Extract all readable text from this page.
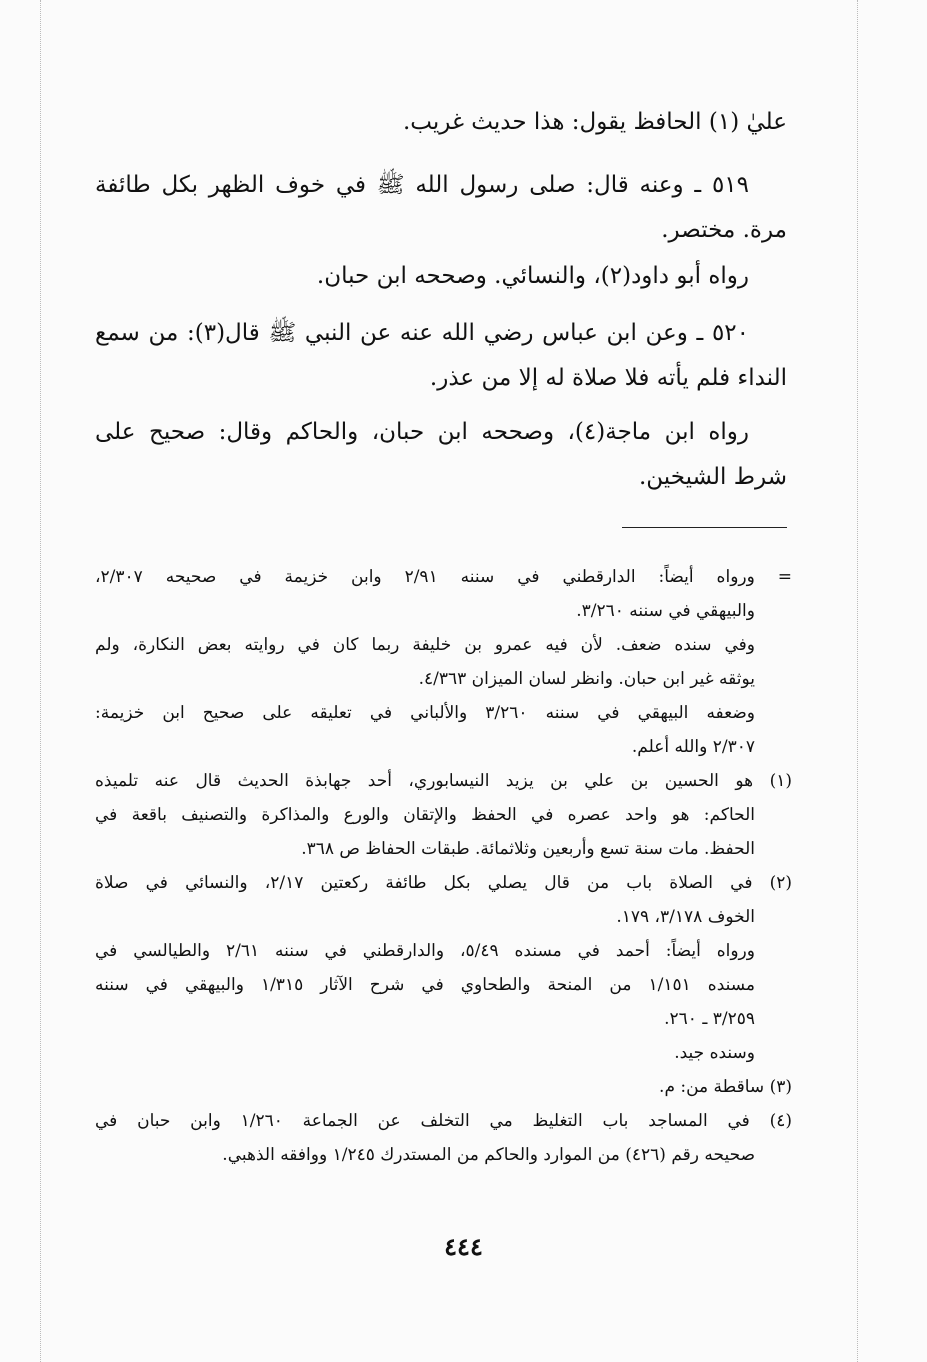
عليٰ (١) الحافظ يقول: هذا حديث غريب.
٥١٩ ـ وعنه قال: صلى رسول الله ﷺ في خوف الظهر بكل طائفة
مرة. مختصر.
رواه أبو داود(٢)، والنسائي. وصححه ابن حبان.
٥٢٠ ـ وعن ابن عباس رضي الله عنه عن النبي ﷺ قال(٣): من سمع
النداء فلم يأته فلا صلاة له إلا من عذر.
رواه ابن ماجة(٤)، وصححه ابن حبان، والحاكم وقال: صحيح على
شرط الشيخين.
= ورواه أيضاً: الدارقطني في سننه ٢/٩١ وابن خزيمة في صحيحه ٢/٣٠٧،
والبيهقي في سننه ٣/٢٦٠.
وفي سنده ضعف. لأن فيه عمرو بن خليفة ربما كان في روايته بعض النكارة، ولم
يوثقه غير ابن حبان. وانظر لسان الميزان ٤/٣٦٣.
وضعفه البيهقي في سننه ٣/٢٦٠ والألباني في تعليقه على صحيح ابن خزيمة:
٢/٣٠٧ والله أعلم.
(١) هو الحسين بن علي بن يزيد النيسابوري، أحد جهابذة الحديث قال عنه تلميذه
الحاكم: هو واحد عصره في الحفظ والإتقان والورع والمذاكرة والتصنيف باقعة في
الحفظ. مات سنة تسع وأربعين وثلاثمائة. طبقات الحفاظ ص ٣٦٨.
(٢) في الصلاة باب من قال يصلي بكل طائفة ركعتين ٢/١٧، والنسائي في صلاة
الخوف ٣/١٧٨، ١٧٩.
ورواه أيضاً: أحمد في مسنده ٥/٤٩، والدارقطني في سننه ٢/٦١ والطيالسي في
مسنده ١/١٥١ من المنحة والطحاوي في شرح الآثار ١/٣١٥ والبيهقي في سننه
٣/٢٥٩ ـ ٢٦٠.
وسنده جيد.
(٣) ساقطة من: م.
(٤) في المساجد باب التغليظ مي التخلف عن الجماعة ١/٢٦٠ وابن حبان في
صحيحه رقم (٤٢٦) من الموارد والحاكم من المستدرك ١/٢٤٥ ووافقه الذهبي.
٤٤٤
